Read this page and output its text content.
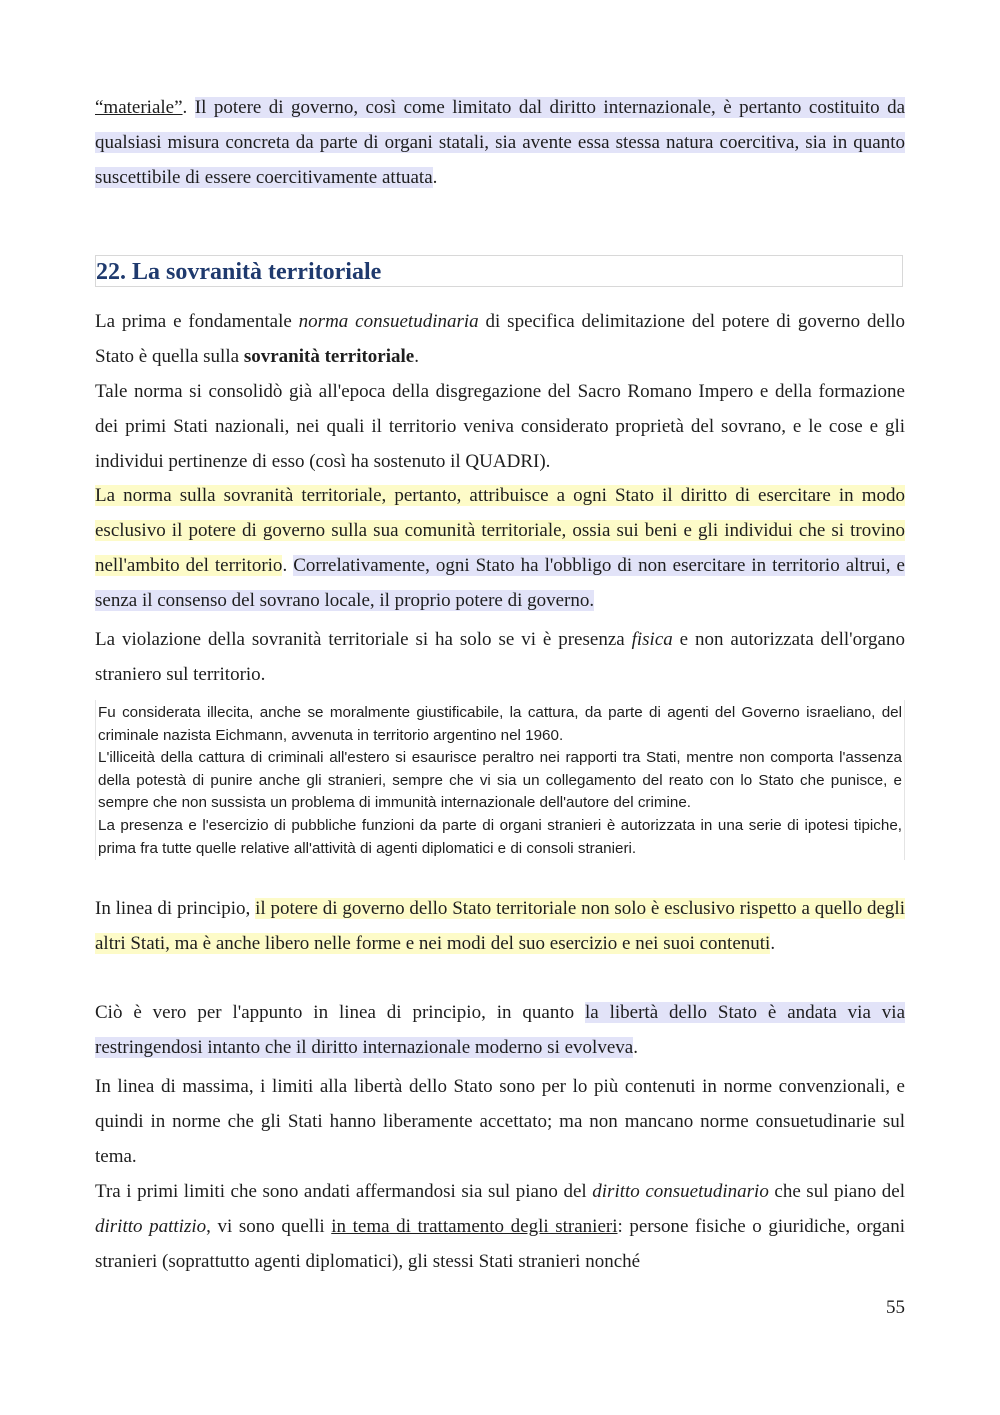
“materiale”. Il potere di governo, così come limitato dal diritto internazionale, è pertanto costituito da qualsiasi misura concreta da parte di organi statali, sia avente essa stessa natura coercitiva, sia in quanto suscettibile di essere coercitivamente attuata.

22. La sovranità territoriale

La prima e fondamentale norma consuetudinaria di specifica delimitazione del potere di governo dello Stato è quella sulla sovranità territoriale.

Tale norma si consolidò già all'epoca della disgregazione del Sacro Romano Impero e della formazione dei primi Stati nazionali, nei quali il territorio veniva considerato proprietà del sovrano, e le cose e gli individui pertinenze di esso (così ha sostenuto il QUADRI).

La norma sulla sovranità territoriale, pertanto, attribuisce a ogni Stato il diritto di esercitare in modo esclusivo il potere di governo sulla sua comunità territoriale, ossia sui beni e gli individui che si trovino nell'ambito del territorio. Correlativamente, ogni Stato ha l'obbligo di non esercitare in territorio altrui, e senza il consenso del sovrano locale, il proprio potere di governo.

La violazione della sovranità territoriale si ha solo se vi è presenza fisica e non autorizzata dell'organo straniero sul territorio.

Fu considerata illecita, anche se moralmente giustificabile, la cattura, da parte di agenti del Governo israeliano, del criminale nazista Eichmann, avvenuta in territorio argentino nel 1960.

L'illiceità della cattura di criminali all'estero si esaurisce peraltro nei rapporti tra Stati, mentre non comporta l'assenza della potestà di punire anche gli stranieri, sempre che vi sia un collegamento del reato con lo Stato che punisce, e sempre che non sussista un problema di immunità internazionale dell'autore del crimine.

La presenza e l'esercizio di pubbliche funzioni da parte di organi stranieri è autorizzata in una serie di ipotesi tipiche, prima fra tutte quelle relative all'attività di agenti diplomatici e di consoli stranieri.

In linea di principio, il potere di governo dello Stato territoriale non solo è esclusivo rispetto a quello degli altri Stati, ma è anche libero nelle forme e nei modi del suo esercizio e nei suoi contenuti.

Ciò è vero per l'appunto in linea di principio, in quanto la libertà dello Stato è andata via via restringendosi intanto che il diritto internazionale moderno si evolveva.

In linea di massima, i limiti alla libertà dello Stato sono per lo più contenuti in norme convenzionali, e quindi in norme che gli Stati hanno liberamente accettato; ma non mancano norme consuetudinarie sul tema.

Tra i primi limiti che sono andati affermandosi sia sul piano del diritto consuetudinario che sul piano del diritto pattizio, vi sono quelli in tema di trattamento degli stranieri: persone fisiche o giuridiche, organi stranieri (soprattutto agenti diplomatici), gli stessi Stati stranieri nonché

55
